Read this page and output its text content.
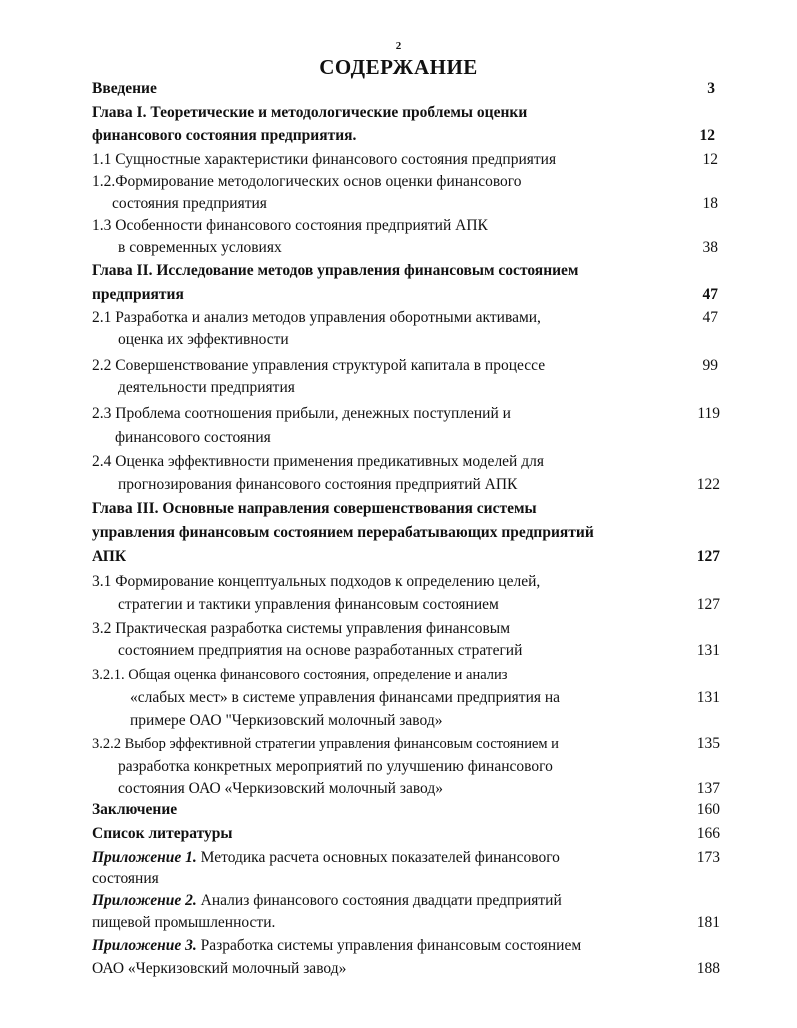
2
СОДЕРЖАНИЕ
Введение	3
Глава I. Теоретические и методологические проблемы оценки
финансового состояния предприятия.	12
1.1 Сущностные характеристики финансового состояния предприятия	12
1.2.Формирование методологических основ оценки финансового
состояния предприятия	18
1.3 Особенности финансового состояния предприятий АПК
в современных условиях	38
Глава II. Исследование методов управления финансовым состоянием
предприятия	47
2.1 Разработка и анализ методов управления оборотными активами,	47
оценка их эффективности
2.2 Совершенствование управления структурой капитала в процессе	99
деятельности предприятия
2.3 Проблема соотношения прибыли, денежных поступлений и	119
финансового состояния
2.4 Оценка эффективности применения предикативных моделей для
прогнозирования финансового состояния предприятий АПК	122
Глава III. Основные направления совершенствования системы
управления финансовым состоянием перерабатывающих предприятий
АПК	127
3.1 Формирование концептуальных подходов к определению целей,
стратегии и тактики управления финансовым состоянием	127
3.2 Практическая разработка системы управления финансовым
состоянием предприятия на основе разработанных стратегий	131
3.2.1. Общая оценка финансового состояния, определение и анализ
«слабых мест» в системе управления финансами предприятия на	131
примере ОАО "Черкизовский молочный завод»
3.2.2 Выбор эффективной стратегии управления финансовым состоянием и	135
разработка конкретных мероприятий по улучшению финансового
состояния ОАО «Черкизовский молочный завод»	137
Заключение	160
Список литературы	166
Приложение 1. Методика расчета основных показателей финансового	173
состояния
Приложение 2. Анализ финансового состояния двадцати предприятий
пищевой промышленности.	181
Приложение 3. Разработка системы управления финансовым состоянием
ОАО «Черкизовский молочный завод»	188
